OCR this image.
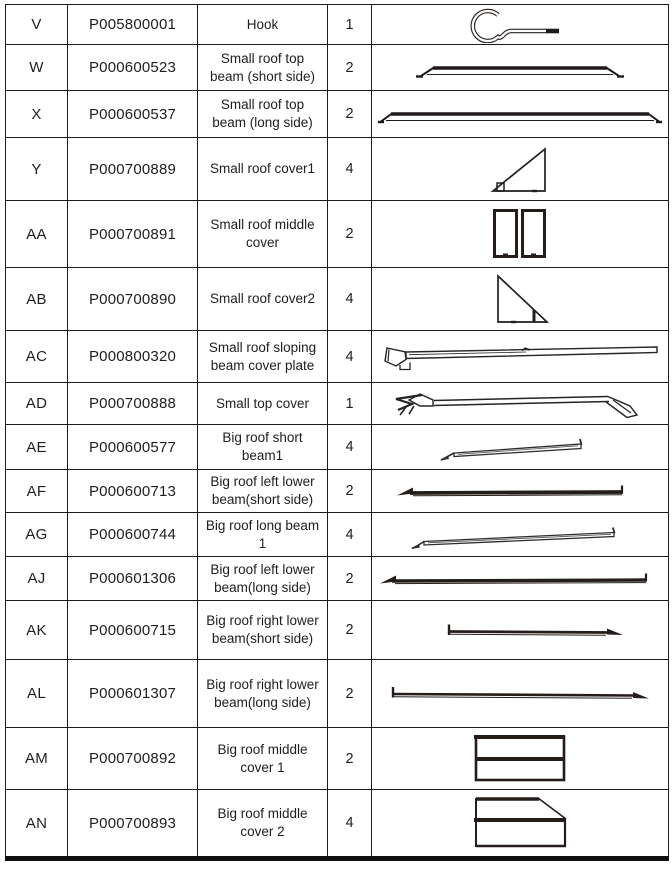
V	P005800001	Hook	1	

W	P000600523	Small roof top beam (short side)	2	

X	P000600537	Small roof top beam (long side)	2	

Y	P000700889	Small roof cover1	4	

AA	P000700891	Small roof middle cover	2	

AB	P000700890	Small roof cover2	4	

AC	P000800320	Small roof sloping beam cover plate	4	

AD	P000700888	Small top cover	1	

AE	P000600577	Big roof short beam1	4	

AF	P000600713	Big roof left lower beam(short side)	2	

AG	P000600744	Big roof long beam 1	4	

AJ	P000601306	Big roof left lower beam(long side)	2	

AK	P000600715	Big roof right lower beam(short side)	2	

AL	P000601307	Big roof right lower beam(long side)	2	

AM	P000700892	Big roof middle cover 1	2	

AN	P000700893	Big roof middle cover 2	4	
